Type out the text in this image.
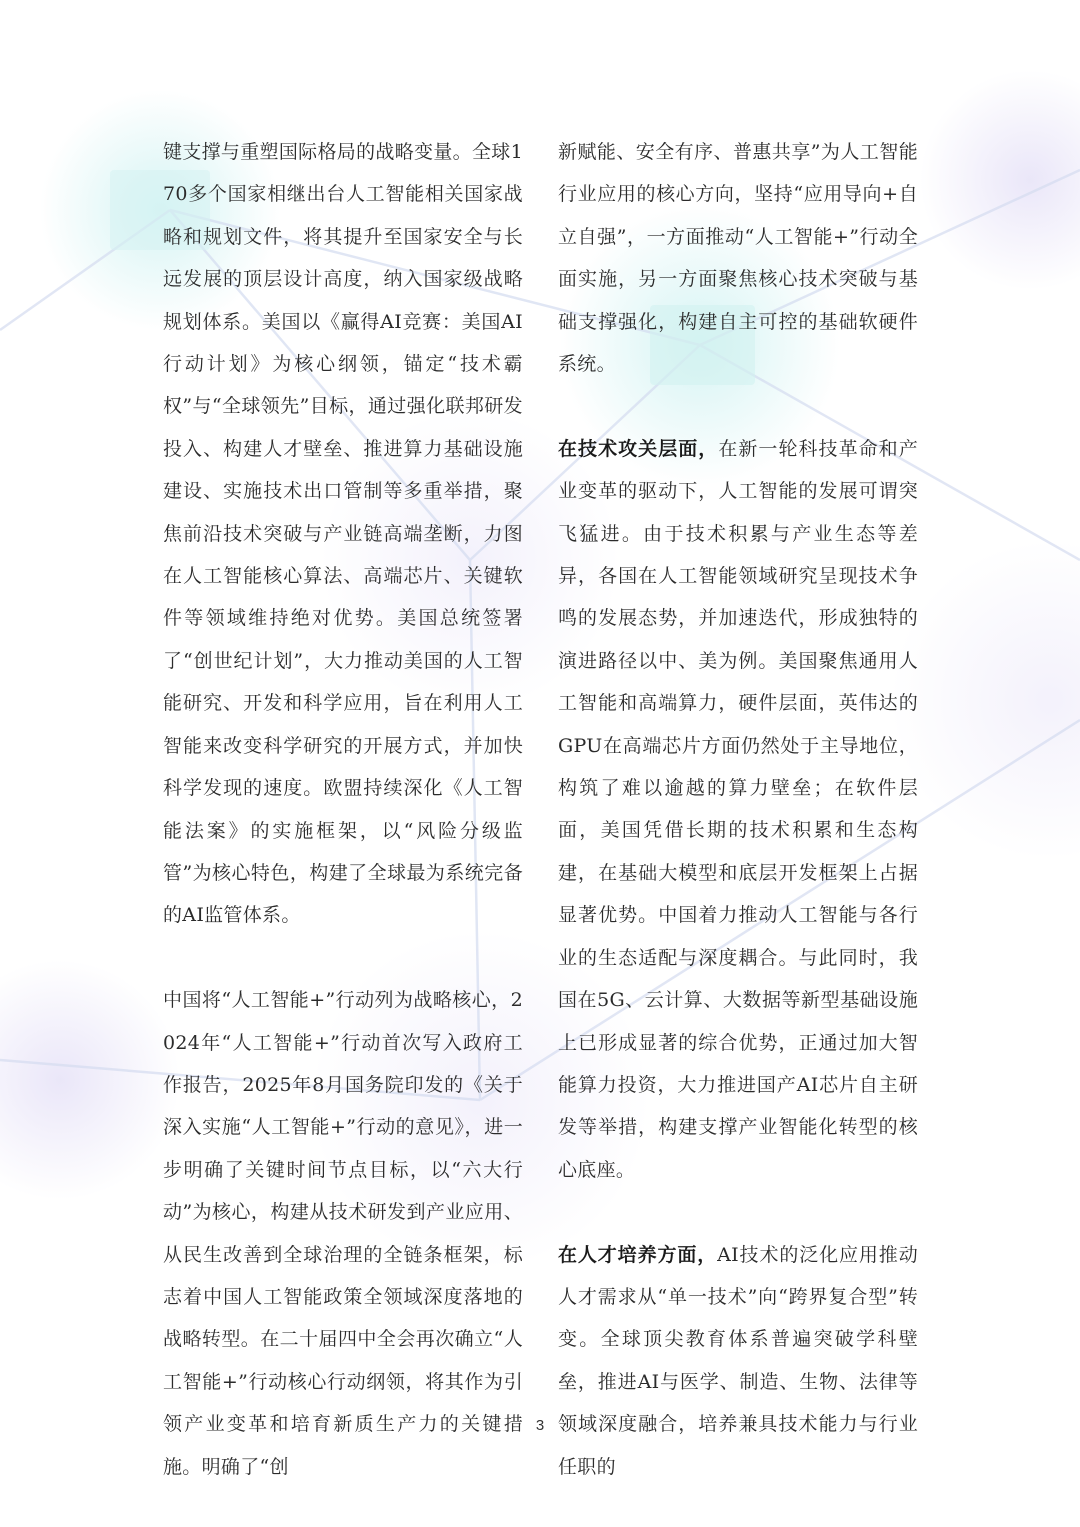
键支撑与重塑国际格局的战略变量。全球170多个国家相继出台人工智能相关国家战略和规划文件，将其提升至国家安全与长远发展的顶层设计高度，纳入国家级战略规划体系。美国以《赢得AI竞赛：美国AI行动计划》为核心纲领，锚定“技术霸权”与“全球领先”目标，通过强化联邦研发投入、构建人才壁垒、推进算力基础设施建设、实施技术出口管制等多重举措，聚焦前沿技术突破与产业链高端垄断，力图在人工智能核心算法、高端芯片、关键软件等领域维持绝对优势。美国总统签署了“创世纪计划”，大力推动美国的人工智能研究、开发和科学应用，旨在利用人工智能来改变科学研究的开展方式，并加快科学发现的速度。欧盟持续深化《人工智能法案》的实施框架，以“风险分级监管”为核心特色，构建了全球最为系统完备的AI监管体系。

中国将“人工智能+”行动列为战略核心，2024年“人工智能+”行动首次写入政府工作报告，2025年8月国务院印发的《关于深入实施“人工智能+”行动的意见》，进一步明确了关键时间节点目标，以“六大行动”为核心，构建从技术研发到产业应用、从民生改善到全球治理的全链条框架，标志着中国人工智能政策全领域深度落地的战略转型。在二十届四中全会再次确立“人工智能+”行动核心行动纲领，将其作为引领产业变革和培育新质生产力的关键措施。明确了“创

新赋能、安全有序、普惠共享”为人工智能行业应用的核心方向，坚持“应用导向+自立自强”，一方面推动“人工智能+”行动全面实施，另一方面聚焦核心技术突破与基础支撑强化，构建自主可控的基础软硬件系统。

在技术攻关层面，在新一轮科技革命和产业变革的驱动下，人工智能的发展可谓突飞猛进。由于技术积累与产业生态等差异，各国在人工智能领域研究呈现技术争鸣的发展态势，并加速迭代，形成独特的演进路径以中、美为例。美国聚焦通用人工智能和高端算力，硬件层面，英伟达的GPU在高端芯片方面仍然处于主导地位，构筑了难以逾越的算力壁垒；在软件层面，美国凭借长期的技术积累和生态构建，在基础大模型和底层开发框架上占据显著优势。中国着力推动人工智能与各行业的生态适配与深度耦合。与此同时，我国在5G、云计算、大数据等新型基础设施上已形成显著的综合优势，正通过加大智能算力投资，大力推进国产AI芯片自主研发等举措，构建支撑产业智能化转型的核心底座。

在人才培养方面，AI技术的泛化应用推动人才需求从“单一技术”向“跨界复合型”转变。全球顶尖教育体系普遍突破学科壁垒，推进AI与医学、制造、生物、法律等领域深度融合，培养兼具技术能力与行业任职的

3
